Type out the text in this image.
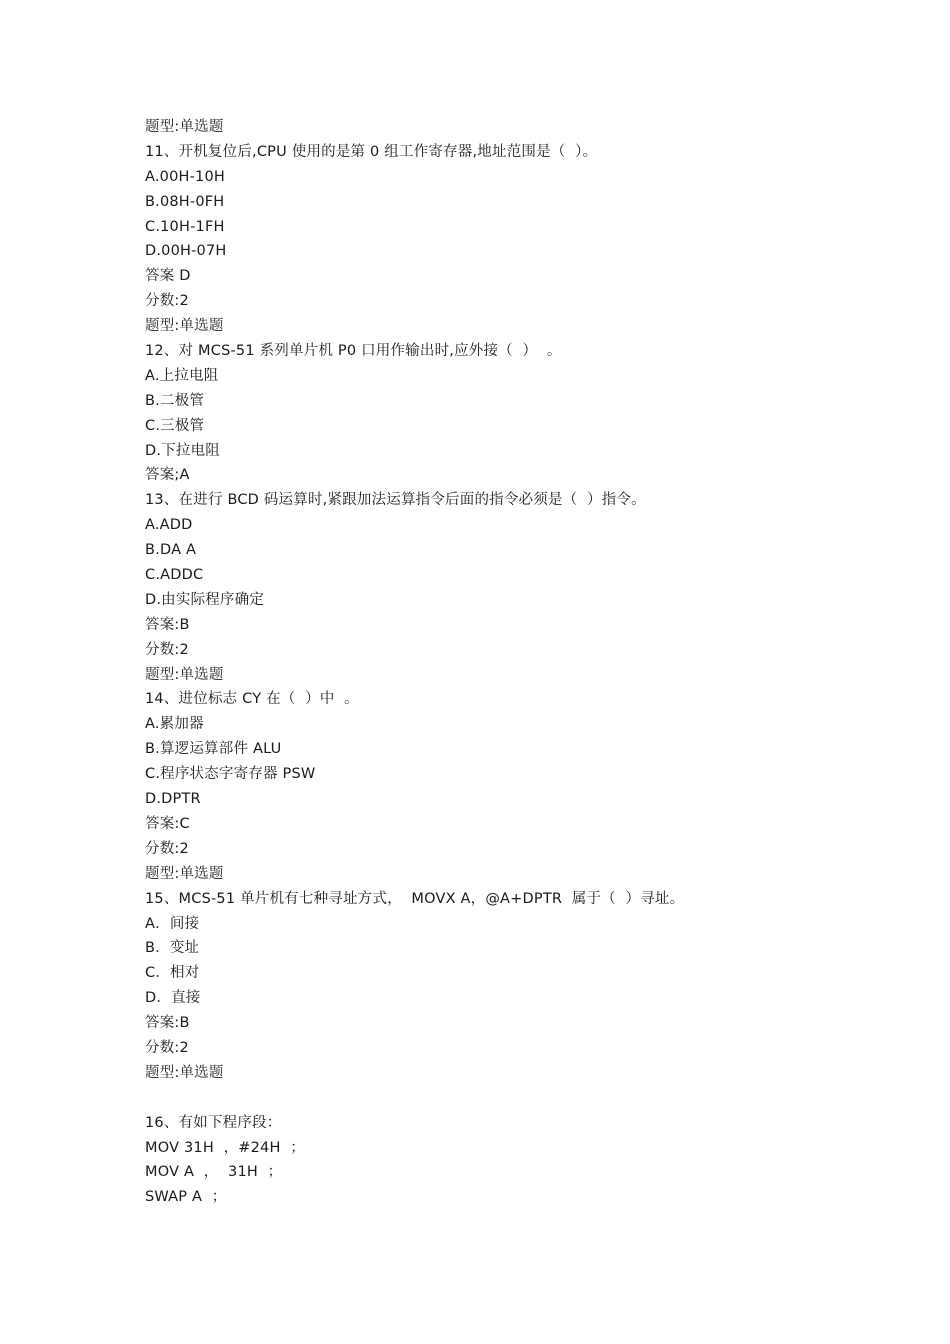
题型:单选题
11、开机复位后,CPU 使用的是第 0 组工作寄存器,地址范围是（  ）。
A.00H-10H
B.08H-0FH
C.10H-1FH
D.00H-07H
答案 D
分数:2
题型:单选题
12、对 MCS-51 系列单片机 P0 口用作输出时,应外接（  ）  。
A.上拉电阻
B.二极管
C.三极管
D.下拉电阻
答案;A
13、在进行 BCD 码运算时,紧跟加法运算指令后面的指令必须是（  ）指令。
A.ADD
B.DA A
C.ADDC
D.由实际程序确定
答案:B
分数:2
题型:单选题
14、进位标志 CY 在（  ）中  。
A.累加器
B.算逻运算部件 ALU
C.程序状态字寄存器 PSW
D.DPTR
答案:C
分数:2
题型:单选题
15、MCS-51 单片机有七种寻址方式，  MOVX A，@A+DPTR  属于（  ）寻址。
A．间接
B．变址
C．相对
D．直接
答案:B
分数:2
题型:单选题
16、有如下程序段：
MOV 31H  ，#24H  ；
MOV A  ，  31H  ；
SWAP A  ；
